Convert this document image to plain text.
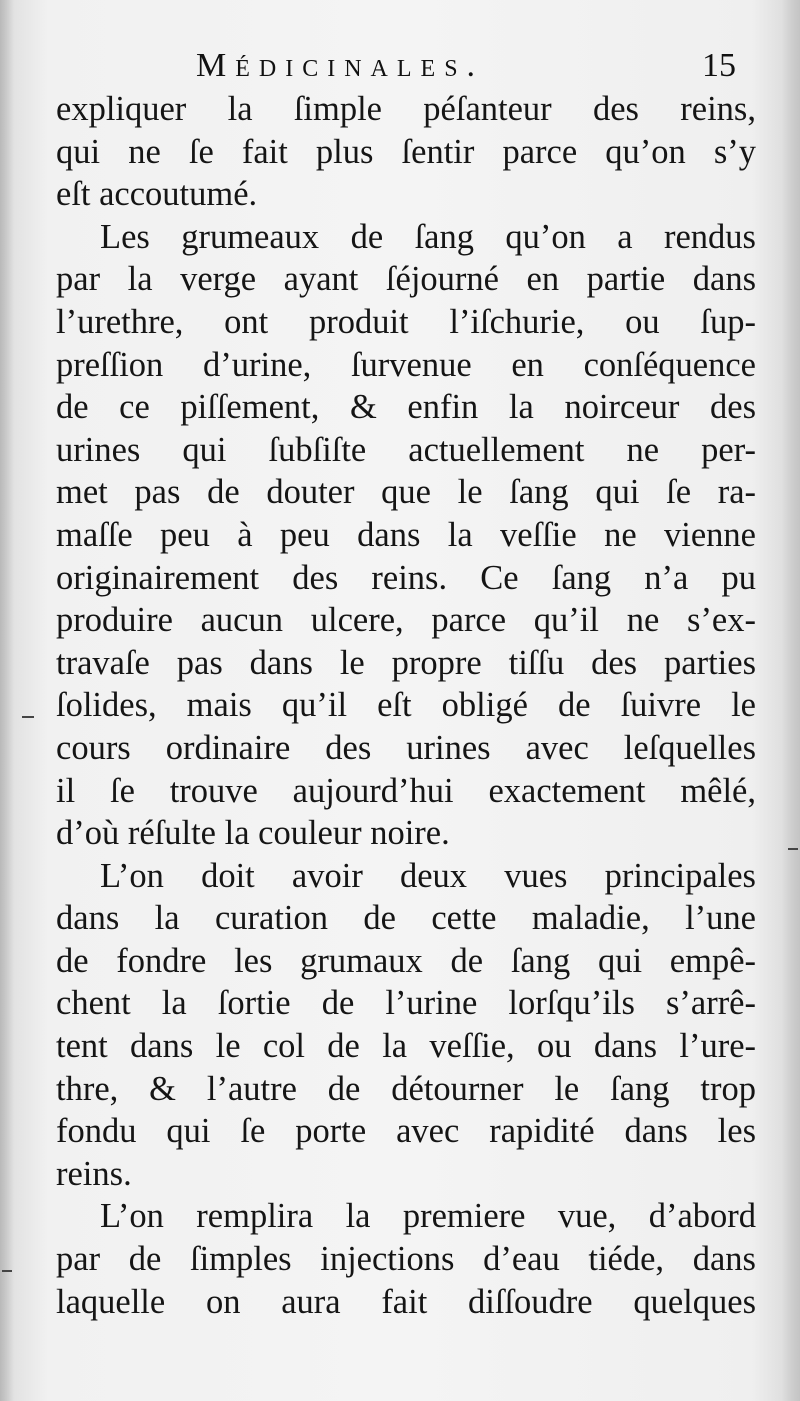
Médicinales.	15
expliquer la ſimple péſanteur des reins,
qui ne ſe fait plus ſentir parce qu’on s’y
eſt accoutumé.
Les grumeaux de ſang qu’on a rendus
par la verge ayant ſéjourné en partie dans
l’urethre, ont produit l’iſchurie, ou ſup-
preſſion d’urine, ſurvenue en conſéquence
de ce piſſement, & enfin la noirceur des
urines qui ſubſiſte actuellement ne per-
met pas de douter que le ſang qui ſe ra-
maſſe peu à peu dans la veſſie ne vienne
originairement des reins. Ce ſang n’a pu
produire aucun ulcere, parce qu’il ne s’ex-
travaſe pas dans le propre tiſſu des parties
ſolides, mais qu’il eſt obligé de ſuivre le
cours ordinaire des urines avec leſquelles
il ſe trouve aujourd’hui exactement mêlé,
d’où réſulte la couleur noire.
L’on doit avoir deux vues principales
dans la curation de cette maladie, l’une
de fondre les grumaux de ſang qui empê-
chent la ſortie de l’urine lorſqu’ils s’arrê-
tent dans le col de la veſſie, ou dans l’ure-
thre, & l’autre de détourner le ſang trop
fondu qui ſe porte avec rapidité dans les
reins.
L’on remplira la premiere vue, d’abord
par de ſimples injections d’eau tiéde, dans
laquelle on aura fait diſſoudre quelques
